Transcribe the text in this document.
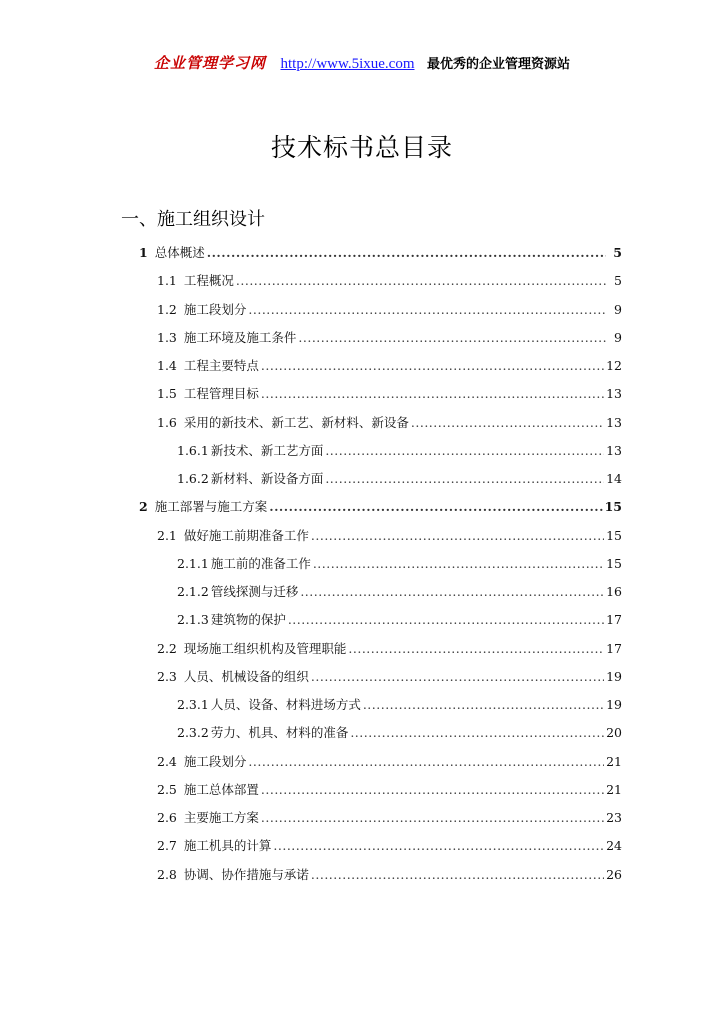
企业管理学习网 http://www.5ixue.com 最优秀的企业管理资源站
技术标书总目录
一、施工组织设计
1 总体概述 .....	5
1.1 工程概况 .....	5
1.2 施工段划分 .....	9
1.3 施工环境及施工条件 .....	9
1.4 工程主要特点 .....	12
1.5 工程管理目标 .....	13
1.6 采用的新技术、新工艺、新材料、新设备 .....	13
1.6.1 新技术、新工艺方面 .....	13
1.6.2 新材料、新设备方面 .....	14
2 施工部署与施工方案 .....	15
2.1 做好施工前期准备工作 .....	15
2.1.1 施工前的准备工作 .....	15
2.1.2 管线探测与迁移 .....	16
2.1.3 建筑物的保护 .....	17
2.2 现场施工组织机构及管理职能 .....	17
2.3 人员、机械设备的组织 .....	19
2.3.1 人员、设备、材料进场方式 .....	19
2.3.2 劳力、机具、材料的准备 .....	20
2.4 施工段划分 .....	21
2.5 施工总体部置 .....	21
2.6 主要施工方案 .....	23
2.7 施工机具的计算 .....	24
2.8 协调、协作措施与承诺 .....	26
